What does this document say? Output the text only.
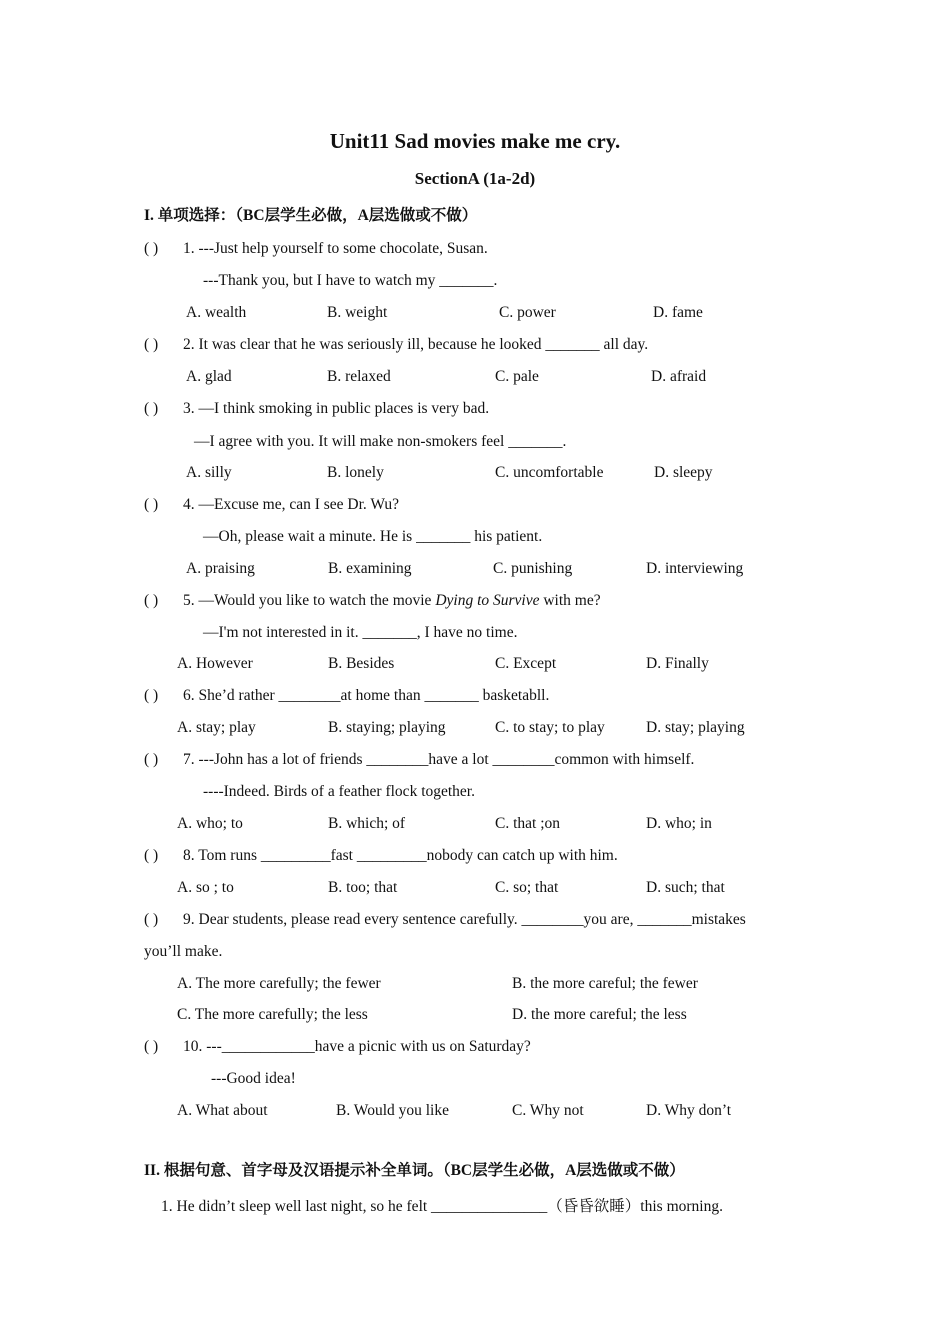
Unit11 Sad movies make me cry.
SectionA (1a-2d)
I. 单项选择：（BC层学生必做，A层选做或不做）
( ) 1. ---Just help yourself to some chocolate, Susan.
---Thank you, but I have to watch my _______.
A. wealth	B. weight	C. power	D. fame
( ) 2. It was clear that he was seriously ill, because he looked _______ all day.
A. glad	B. relaxed	C. pale	D. afraid
( ) 3. —I think smoking in public places is very bad.
—I agree with you. It will make non-smokers feel _______.
A. silly	B. lonely	C. uncomfortable	D. sleepy
( ) 4. —Excuse me, can I see Dr. Wu?
—Oh, please wait a minute. He is _______ his patient.
A. praising	B. examining	C. punishing	D. interviewing
( ) 5. —Would you like to watch the movie Dying to Survive with me?
—I'm not interested in it. _______, I have no time.
A. However	B. Besides	C. Except	D. Finally
( ) 6. She’d rather ________at home than _______ basketabll.
A. stay; play	B. staying; playing	C. to stay; to play	D. stay; playing
( ) 7. ---John has a lot of friends ________have a lot ________common with himself.
----Indeed. Birds of a feather flock together.
A. who; to	B. which; of	C. that ;on	D. who; in
( ) 8. Tom runs _________fast _________nobody can catch up with him.
A. so ; to	B. too; that	C. so; that	D. such; that
( ) 9. Dear students, please read every sentence carefully. ________you are, _______mistakes
you’ll make.
A. The more carefully; the fewer	B. the more careful; the fewer
C. The more carefully; the less	D. the more careful; the less
( ) 10. ---____________have a picnic with us on Saturday?
---Good idea!
A. What about	B. Would you like	C. Why not	D. Why don’t
II. 根据句意、首字母及汉语提示补全单词。（BC层学生必做，A层选做或不做）
1. He didn’t sleep well last night, so he felt _______________（昏昏欲睡）this morning.
